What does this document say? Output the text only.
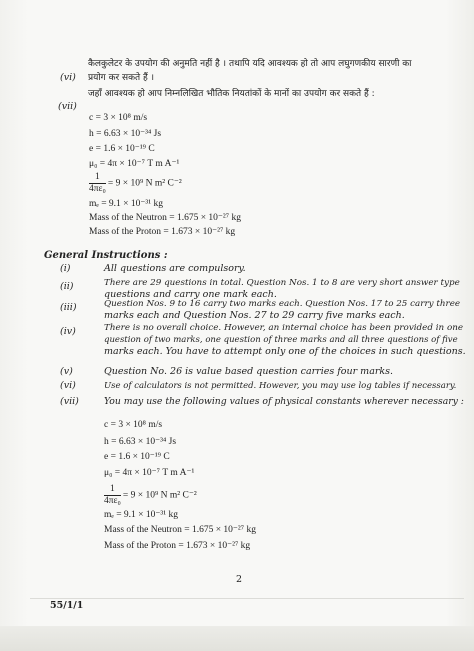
(vi)
कैलकुलेटर के उपयोग की अनुमति नहीं है । तथापि यदि आवश्यक हो तो आप लघुगणकीय सारणी का
प्रयोग कर सकते हैं ।
(vii)
जहाँ आवश्यक हो आप निम्नलिखित भौतिक नियतांकों के मानों का उपयोग कर सकते हैं :
c = 3 × 10⁸ m/s
h = 6.63 × 10⁻³⁴ Js
e = 1.6 × 10⁻¹⁹ C
μ₀ = 4π × 10⁻⁷ T m A⁻¹
$\frac{1}{\text{4πε₀}} = 9 \times 10^9$ N m² C⁻²
mₑ = 9.1 × 10⁻³¹ kg
Mass of the Neutron = 1.675 × 10⁻²⁷ kg
Mass of the Proton = 1.673 × 10⁻²⁷ kg
General Instructions :
(i)	All questions are compulsory.
(ii)	There are 29 questions in total. Question Nos. 1 to 8 are very short answer type
questions and carry one mark each.
(iii)	Question Nos. 9 to 16 carry two marks each. Question Nos. 17 to 25 carry three
marks each and Question Nos. 27 to 29 carry five marks each.
(iv)	There is no overall choice. However, an internal choice has been provided in one
question of two marks, one question of three marks and all three questions of five
marks each. You have to attempt only one of the choices in such questions.
(v)	Question No. 26 is value based question carries four marks.
(vi)	Use of calculators is not permitted. However, you may use log tables if necessary.
(vii)	You may use the following values of physical constants wherever necessary :
c = 3 × 10⁸ m/s
h = 6.63 × 10⁻³⁴ Js
e = 1.6 × 10⁻¹⁹ C
μ₀ = 4π × 10⁻⁷ T m A⁻¹
$\frac{1}{\text{4πε₀}} = 9 \times 10^9$ N m² C⁻²
mₑ = 9.1 × 10⁻³¹ kg
Mass of the Neutron = 1.675 × 10⁻²⁷ kg
Mass of the Proton = 1.673 × 10⁻²⁷ kg
2
55/1/1
